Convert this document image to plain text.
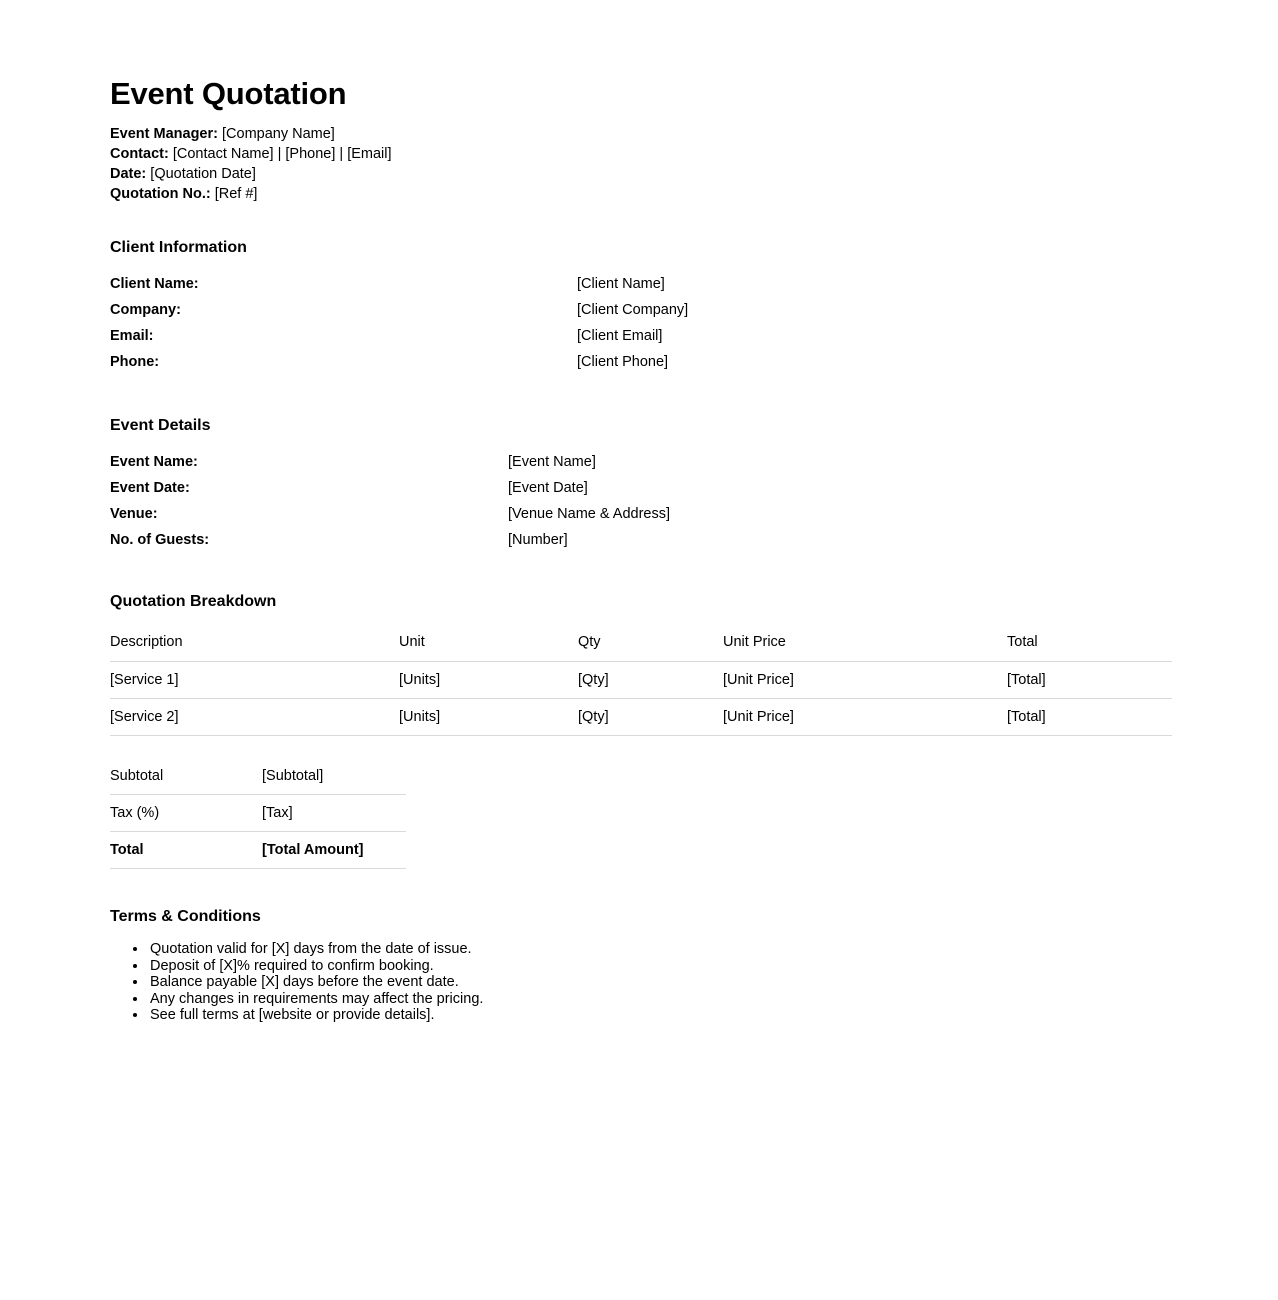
Event Quotation
Event Manager: [Company Name]
Contact: [Contact Name] | [Phone] | [Email]
Date: [Quotation Date]
Quotation No.: [Ref #]
Client Information
Client Name:	[Client Name]
Company:	[Client Company]
Email:	[Client Email]
Phone:	[Client Phone]
Event Details
Event Name:	[Event Name]
Event Date:	[Event Date]
Venue:	[Venue Name & Address]
No. of Guests:	[Number]
Quotation Breakdown
Description	Unit	Qty	Unit Price	Total
[Service 1]	[Units]	[Qty]	[Unit Price]	[Total]
[Service 2]	[Units]	[Qty]	[Unit Price]	[Total]
Subtotal	[Subtotal]
Tax (%)	[Tax]
Total	[Total Amount]
Terms & Conditions
• Quotation valid for [X] days from the date of issue.
• Deposit of [X]% required to confirm booking.
• Balance payable [X] days before the event date.
• Any changes in requirements may affect the pricing.
• See full terms at [website or provide details].
